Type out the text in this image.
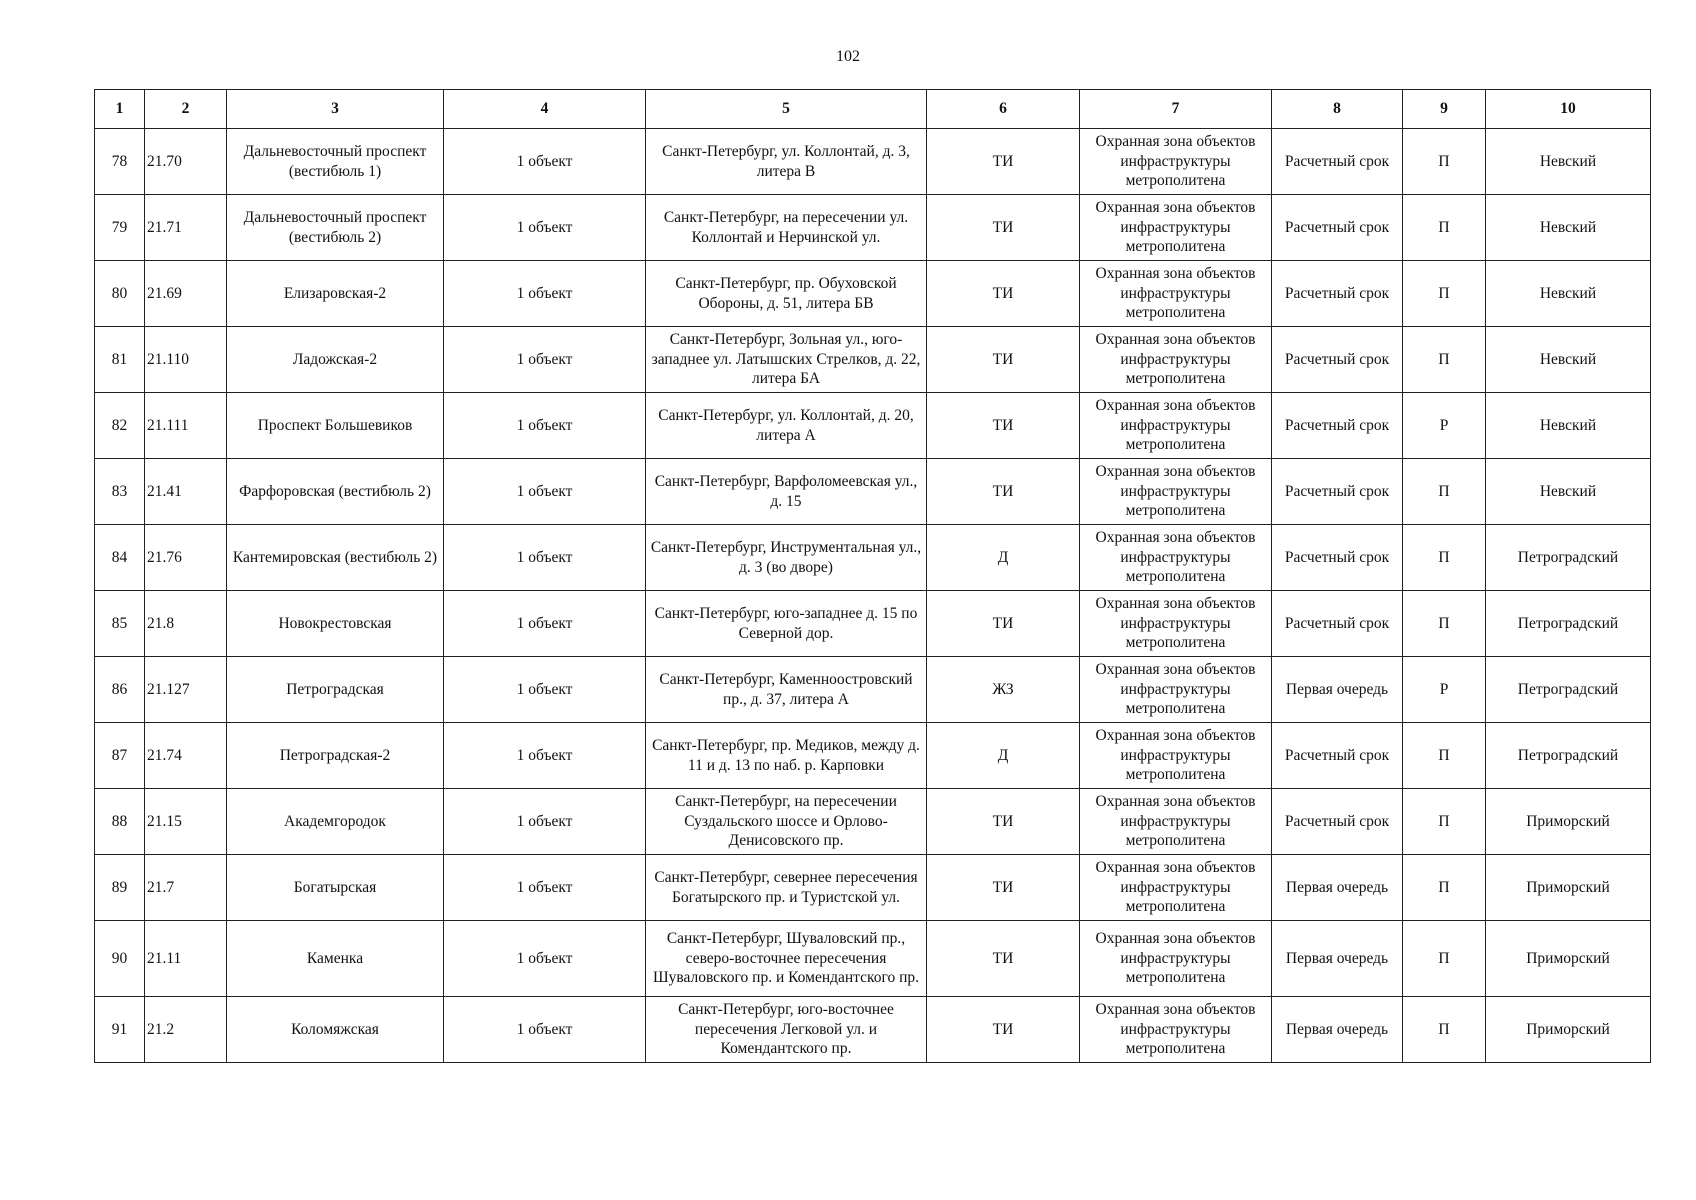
102
1	2	3	4	5	6	7	8	9	10
78	21.70	Дальневосточный проспект (вестибюль 1)	1 объект	Санкт-Петербург, ул. Коллонтай, д. 3, литера В	ТИ	Охранная зона объектов инфраструктуры метрополитена	Расчетный срок	П	Невский
79	21.71	Дальневосточный проспект (вестибюль 2)	1 объект	Санкт-Петербург, на пересечении ул. Коллонтай и Нерчинской ул.	ТИ	Охранная зона объектов инфраструктуры метрополитена	Расчетный срок	П	Невский
80	21.69	Елизаровская-2	1 объект	Санкт-Петербург, пр. Обуховской Обороны, д. 51, литера БВ	ТИ	Охранная зона объектов инфраструктуры метрополитена	Расчетный срок	П	Невский
81	21.110	Ладожская-2	1 объект	Санкт-Петербург, Зольная ул., юго-западнее ул. Латышских Стрелков, д. 22, литера БА	ТИ	Охранная зона объектов инфраструктуры метрополитена	Расчетный срок	П	Невский
82	21.111	Проспект Большевиков	1 объект	Санкт-Петербург, ул. Коллонтай, д. 20, литера А	ТИ	Охранная зона объектов инфраструктуры метрополитена	Расчетный срок	Р	Невский
83	21.41	Фарфоровская (вестибюль 2)	1 объект	Санкт-Петербург, Варфоломеевская ул., д. 15	ТИ	Охранная зона объектов инфраструктуры метрополитена	Расчетный срок	П	Невский
84	21.76	Кантемировская (вестибюль 2)	1 объект	Санкт-Петербург, Инструментальная ул., д. 3 (во дворе)	Д	Охранная зона объектов инфраструктуры метрополитена	Расчетный срок	П	Петроградский
85	21.8	Новокрестовская	1 объект	Санкт-Петербург, юго-западнее д. 15 по Северной дор.	ТИ	Охранная зона объектов инфраструктуры метрополитена	Расчетный срок	П	Петроградский
86	21.127	Петроградская	1 объект	Санкт-Петербург, Каменноостровский пр., д. 37, литера А	ЖЗ	Охранная зона объектов инфраструктуры метрополитена	Первая очередь	Р	Петроградский
87	21.74	Петроградская-2	1 объект	Санкт-Петербург, пр. Медиков, между д. 11 и д. 13 по наб. р. Карповки	Д	Охранная зона объектов инфраструктуры метрополитена	Расчетный срок	П	Петроградский
88	21.15	Академгородок	1 объект	Санкт-Петербург, на пересечении Суздальского шоссе и Орлово-Денисовского пр.	ТИ	Охранная зона объектов инфраструктуры метрополитена	Расчетный срок	П	Приморский
89	21.7	Богатырская	1 объект	Санкт-Петербург, севернее пересечения Богатырского пр. и Туристской ул.	ТИ	Охранная зона объектов инфраструктуры метрополитена	Первая очередь	П	Приморский
90	21.11	Каменка	1 объект	Санкт-Петербург, Шуваловский пр., северо-восточнее пересечения Шуваловского пр. и Комендантского пр.	ТИ	Охранная зона объектов инфраструктуры метрополитена	Первая очередь	П	Приморский
91	21.2	Коломяжская	1 объект	Санкт-Петербург, юго-восточнее пересечения Легковой ул. и Комендантского пр.	ТИ	Охранная зона объектов инфраструктуры метрополитена	Первая очередь	П	Приморский
